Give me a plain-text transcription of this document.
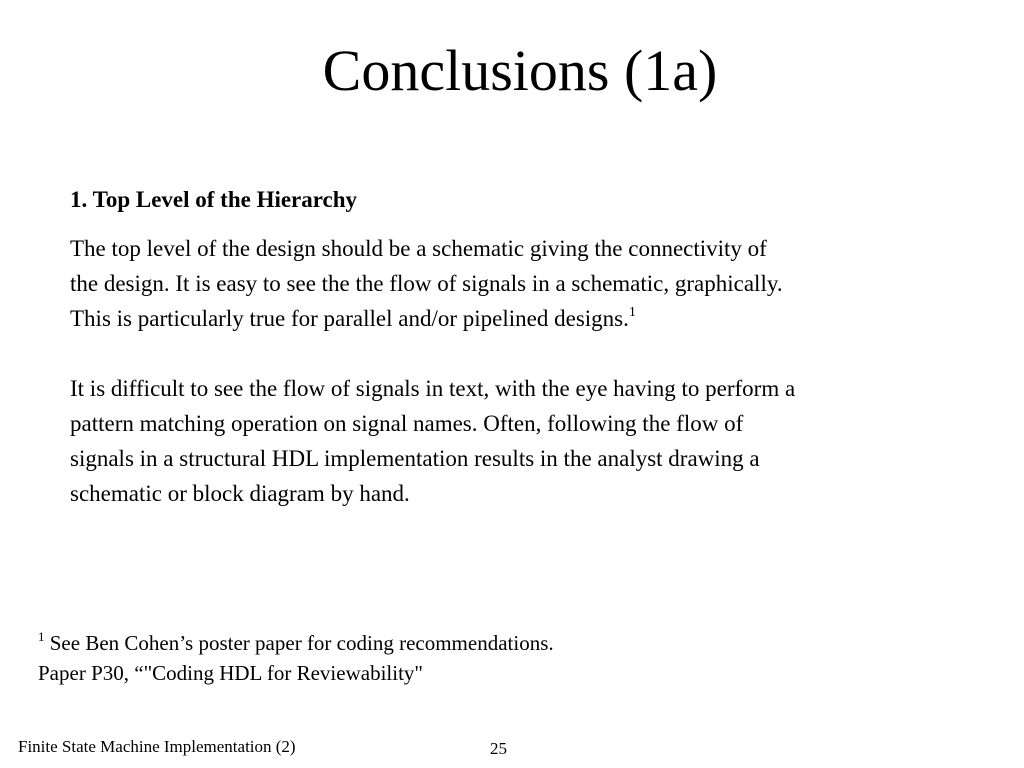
Conclusions (1a)
1. Top Level of the Hierarchy

The top level of the design should be a schematic giving the connectivity of
the design. It is easy to see the the flow of signals in a schematic, graphically.
This is particularly true for parallel and/or pipelined designs.$^1$

It is difficult to see the flow of signals in text, with the eye having to perform a
pattern matching operation on signal names. Often, following the flow of
signals in a structural HDL implementation results in the analyst drawing a
schematic or block diagram by hand.

$^1$ See Ben Cohen’s poster paper for coding recommendations.
Paper P30, “"Coding HDL for Reviewability"
Finite State Machine Implementation (2)	25
